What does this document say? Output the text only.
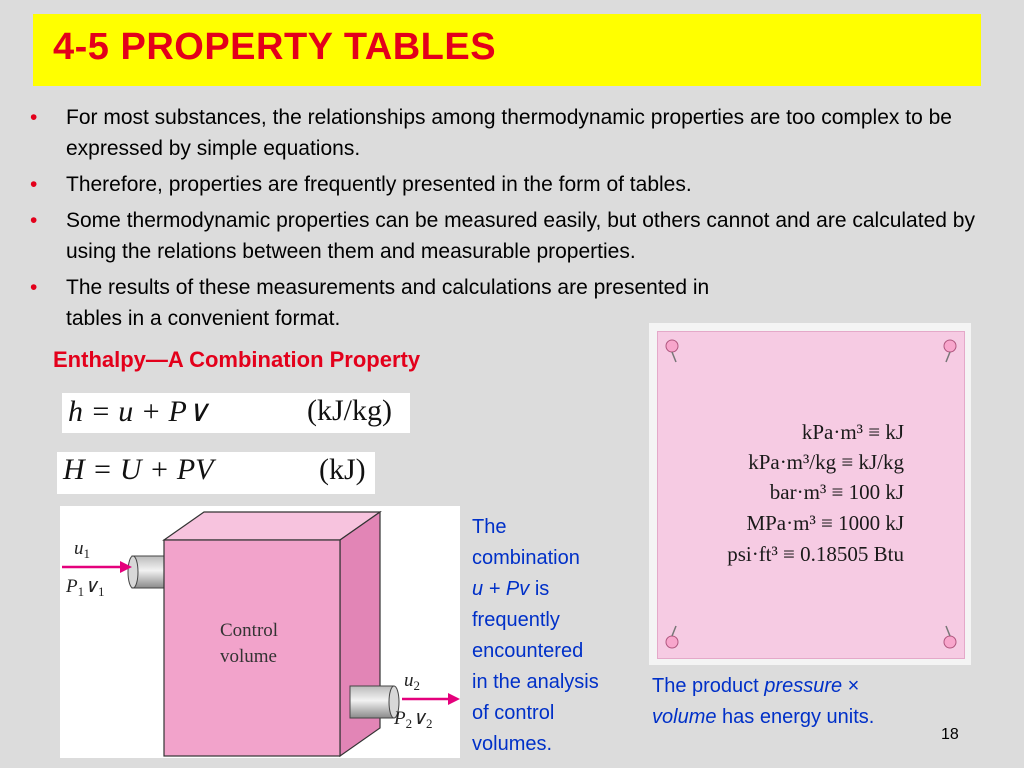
4-5 PROPERTY TABLES
• For most substances, the relationships among thermodynamic properties are too complex to be expressed by simple equations.
• Therefore, properties are frequently presented in the form of tables.
• Some thermodynamic properties can be measured easily, but others cannot and are calculated by using the relations between them and measurable properties.
• The results of these measurements and calculations are presented in tables in a convenient format.
Enthalpy—A Combination Property
h = u + P∨	(kJ/kg)
H = U + PV	(kJ)
Control
volume
$u_1$
$P_1\vee_1$
$u_2$
$P_2\vee_2$
The
combination
u + Pv is
frequently
encountered
in the analysis
of control
volumes.
kPa·m³ ≡ kJ
kPa·m³/kg ≡ kJ/kg
bar·m³ ≡ 100 kJ
MPa·m³ ≡ 1000 kJ
psi·ft³ ≡ 0.18505 Btu
The product pressure ×
volume has energy units.
18
